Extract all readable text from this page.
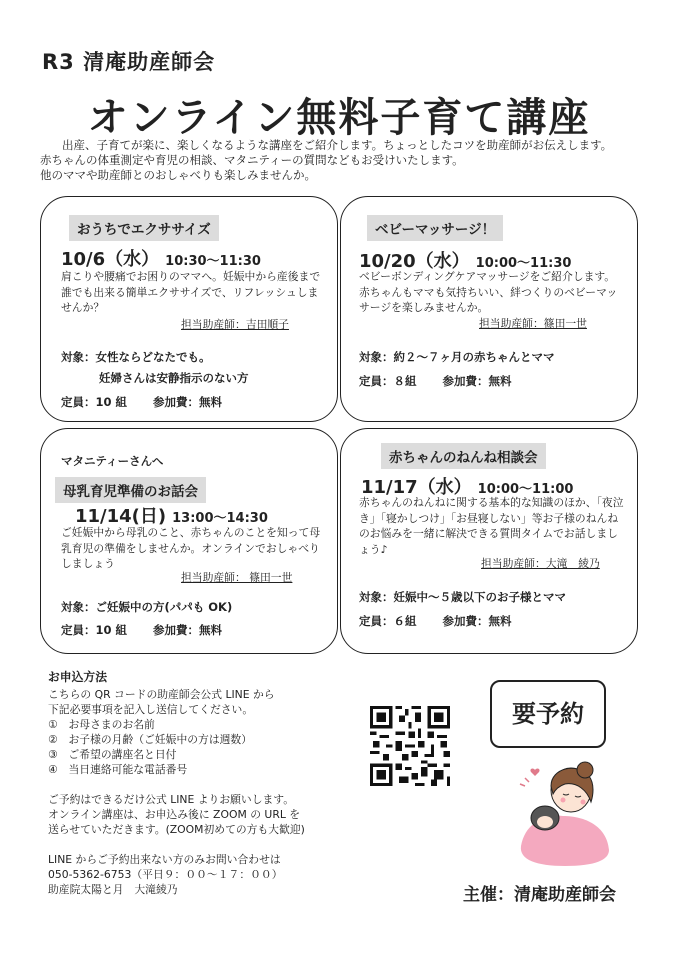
R3 清庵助産師会
オンライン無料子育て講座

出産、子育てが楽に、楽しくなるような講座をご紹介します。ちょっとしたコツを助産師がお伝えします。

赤ちゃんの体重測定や育児の相談、マタニティーの質問などもお受けいたします。

他のママや助産師とのおしゃべりも楽しみませんか。

おうちでエクササイズ
10/6（水） 10:30～11:30
肩こりや腰痛でお困りのママへ。妊娠中から産後まで誰でも出来る簡単エクササイズで、リフレッシュしませんか？
担当助産師：吉田順子
対象：女性ならどなたでも。
妊婦さんは安静指示のない方
定員：10 組 参加費：無料
ベビーマッサージ！
10/20（水） 10:00～11:30
ベビーボンディングケアマッサージをご紹介します。赤ちゃんもママも気持ちいい、絆つくりのベビーマッサージを楽しみませんか。
担当助産師：篠田一世
対象：約２～７ヶ月の赤ちゃんとママ
定員：８組 参加費：無料
マタニティーさんへ
母乳育児準備のお話会
11/14(日) 13:00～14:30
ご妊娠中から母乳のこと、赤ちゃんのことを知って母乳育児の準備をしませんか。オンラインでおしゃべりしましょう
担当助産師： 篠田一世
対象：ご妊娠中の方(パパも OK)
定員：10 組 参加費：無料
赤ちゃんのねんね相談会
11/17（水） 10:00～11:00
赤ちゃんのねんねに関する基本的な知識のほか、「夜泣き」「寝かしつけ」「お昼寝しない」等お子様のねんねのお悩みを一緒に解決できる質問タイムでお話しましょう♪
担当助産師：大滝　綾乃
対象：妊娠中～５歳以下のお子様とママ
定員：６組 参加費：無料
お申込方法

こちらの QR コードの助産師会公式 LINE から

下記必要事項を記入し送信してください。

①　お母さまのお名前

②　お子様の月齢（ご妊娠中の方は週数）

③　ご希望の講座名と日付

④　当日連絡可能な電話番号

ご予約はできるだけ公式 LINE よりお願いします。

オンライン講座は、お申込み後に ZOOM の URL を

送らせていただきます。(ZOOM初めての方も大歓迎)

LINE からご予約出来ない方のみお問い合わせは

050-5362-6753（平日９：００～１７：００）

助産院太陽と月　大滝綾乃

要予約
主催：清庵助産師会
